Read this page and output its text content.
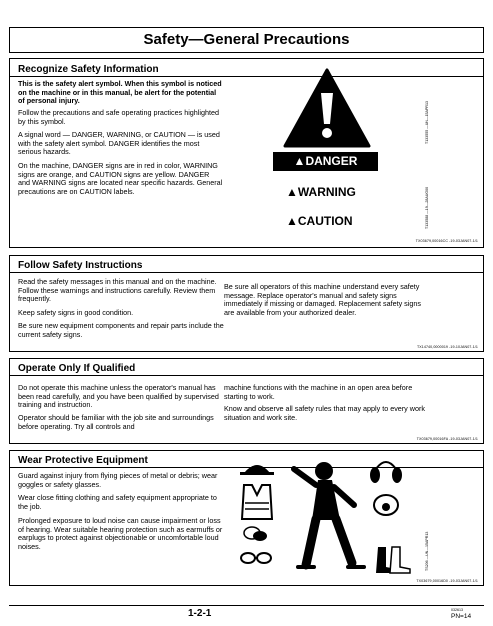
Safety—General Precautions
Recognize Safety Information
This is the safety alert symbol. When this symbol is noticed on the machine or in this manual, be alert for the potential of personal injury.
Follow the precautions and safe operating practices highlighted by this symbol.
A signal word — DANGER, WARNING, or CAUTION — is used with the safety alert symbol. DANGER identifies the most serious hazards.
On the machine, DANGER signs are in red in color, WARNING signs are orange, and CAUTION signs are yellow. DANGER and WARNING signs are located near specific hazards. General precautions are on CAUTION labels.
T133555 —UN—15APR13
T133588 —19—28AUG00
▲DANGER
▲WARNING
▲CAUTION
TX03679,00016CC -19-03JAN07-1/1
Follow Safety Instructions
Read the safety messages in this manual and on the machine. Follow these warnings and instructions carefully. Review them frequently.
Keep safety signs in good condition.
Be sure new equipment components and repair parts include the current safety signs.
Be sure all operators of this machine understand every safety message. Replace operator's manual and safety signs immediately if missing or damaged. Replacement safety signs are available from your authorized dealer.
TX14740,0000019 -19-10JAN07-1/1
Operate Only If Qualified
Do not operate this machine unless the operator's manual has been read carefully, and you have been qualified by supervised training and instruction.
Operator should be familiar with the job site and surroundings before operating. Try all controls and
machine functions with the machine in an open area before starting to work.
Know and observe all safety rules that may apply to every work situation and work site.
TX03679,00016FA -19-03JAN07-1/1
Wear Protective Equipment
Guard against injury from flying pieces of metal or debris; wear goggles or safety glasses.
Wear close fitting clothing and safety equipment appropriate to the job.
Prolonged exposure to loud noise can cause impairment or loss of hearing. Wear suitable hearing protection such as earmuffs or earplugs to protect against objectionable or uncomfortable loud noises.	TS206 —UN—15APR13
TX03679,00016D0 -19-03JAN07-1/1
1-2-1	032613
PN=14
